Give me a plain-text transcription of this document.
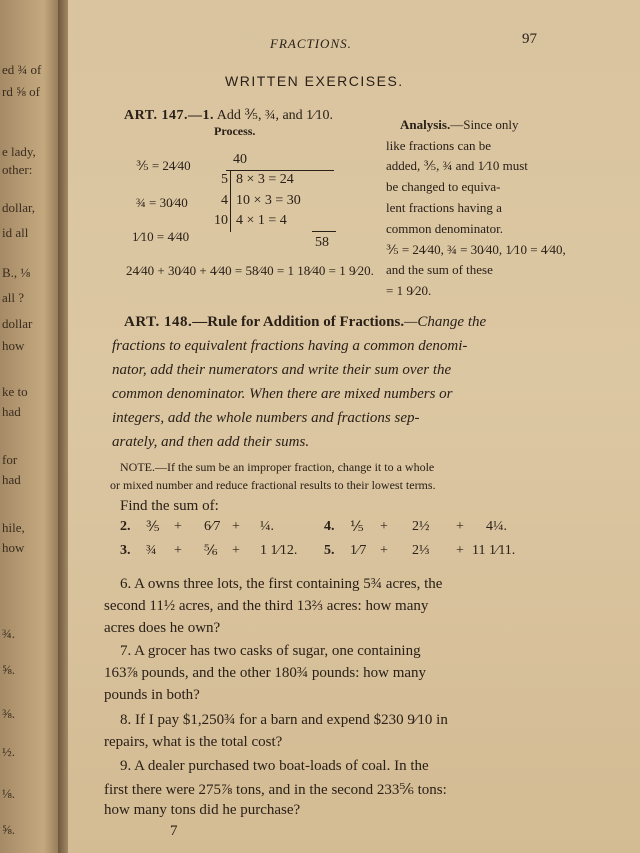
ed ¾ of
rd ⅝ of
e lady,
other:
dollar,
id all
B., ⅛
all ?
dollar
how
ke to
had
for
had
hile,
how
¾.
⅝.
⅜.
½.
⅛.
⅝.
FRACTIONS.	97
WRITTEN EXERCISES.
ART. 147.—1. Add ⅗, ¾, and 1⁄10.
Process.
⅗ = 24⁄40
¾ = 30⁄40
1⁄10 = 4⁄40
40
5
4
10
8 × 3 = 24
10 × 3 = 30
4 × 1 = 4
58
24⁄40 + 30⁄40 + 4⁄40 = 58⁄40 = 1 18⁄40 = 1 9⁄20.
Analysis.—Since only
like fractions can be
added, ⅗, ¾ and 1⁄10 must
be changed to equiva-
lent fractions having a
common denominator.
⅗ = 24⁄40, ¾ = 30⁄40, 1⁄10 = 4⁄40,
and the sum of these
= 1 9⁄20.
ART. 148.—Rule for Addition of Fractions.—Change the
fractions to equivalent fractions having a common denomi-
nator, add their numerators and write their sum over the
common denominator. When there are mixed numbers or
integers, add the whole numbers and fractions sep-
arately, and then add their sums.
NOTE.—If the sum be an improper fraction, change it to a whole
or mixed number and reduce fractional results to their lowest terms.
Find the sum of:
2. ⅗ + 6⁄7 + ¼.
3. ¾ + ⅚ + 1 1⁄12.
4. ⅕ + 2½ + 4¼.
5. 1⁄7 + 2⅓ + 11 1⁄11.
6. A owns three lots, the first containing 5¾ acres, the
second 11½ acres, and the third 13⅔ acres: how many
acres does he own?
7. A grocer has two casks of sugar, one containing
163⅞ pounds, and the other 180¾ pounds: how many
pounds in both?
8. If I pay $1,250¾ for a barn and expend $230 9⁄10 in
repairs, what is the total cost?
9. A dealer purchased two boat-loads of coal. In the
first there were 275⅞ tons, and in the second 233⅚ tons:
how many tons did he purchase?
7
